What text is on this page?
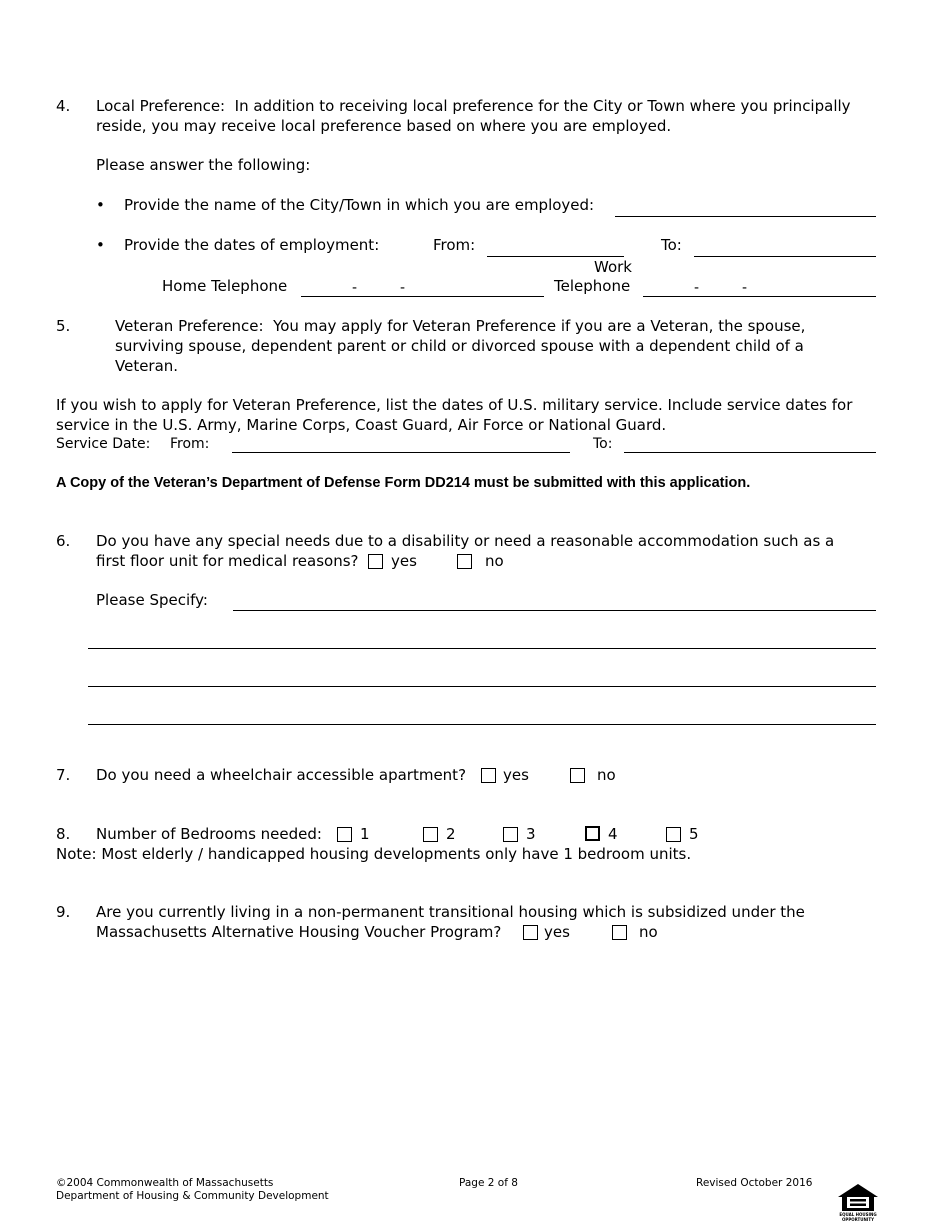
4. Local Preference: In addition to receiving local preference for the City or Town where you principally
reside, you may receive local preference based on where you are employed.
Please answer the following:
• Provide the name of the City/Town in which you are employed:
• Provide the dates of employment:	From:	To:
Home Telephone	-	-
Work
Telephone	-	-
5.	Veteran Preference: You may apply for Veteran Preference if you are a Veteran, the spouse,
surviving spouse, dependent parent or child or divorced spouse with a dependent child of a
Veteran.
If you wish to apply for Veteran Preference, list the dates of U.S. military service. Include service dates for
service in the U.S. Army, Marine Corps, Coast Guard, Air Force or National Guard.
Service Date: From:	To:
A Copy of the Veteran’s Department of Defense Form DD214 must be submitted with this application.
6. Do you have any special needs due to a disability or need a reasonable accommodation such as a
first floor unit for medical reasons? yes	no
Please Specify:
7. Do you need a wheelchair accessible apartment? yes	no
8. Number of Bedrooms needed:	1	2	3	4	5
Note: Most elderly / handicapped housing developments only have 1 bedroom units.
9. Are you currently living in a non-permanent transitional housing which is subsidized under the
Massachusetts Alternative Housing Voucher Program?	yes	no
©2004 Commonwealth of Massachusetts
Department of Housing & Community Development
Page 2 of 8	Revised October 2016
EQUAL HOUSING OPPORTUNITY
